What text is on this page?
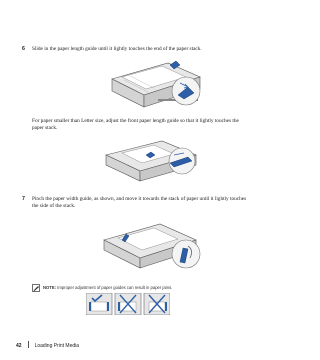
6 Slide in the paper length guide until it lightly touches the end of the paper stack.
For paper smaller than Letter size, adjust the front paper length guide so that it lightly touches the
paper stack.
7 Pinch the paper width guide, as shown, and move it towards the stack of paper until it lightly touches
the side of the stack.
NOTE: Improper adjustment of paper guides can result in paper jams.
42	Loading Print Media
